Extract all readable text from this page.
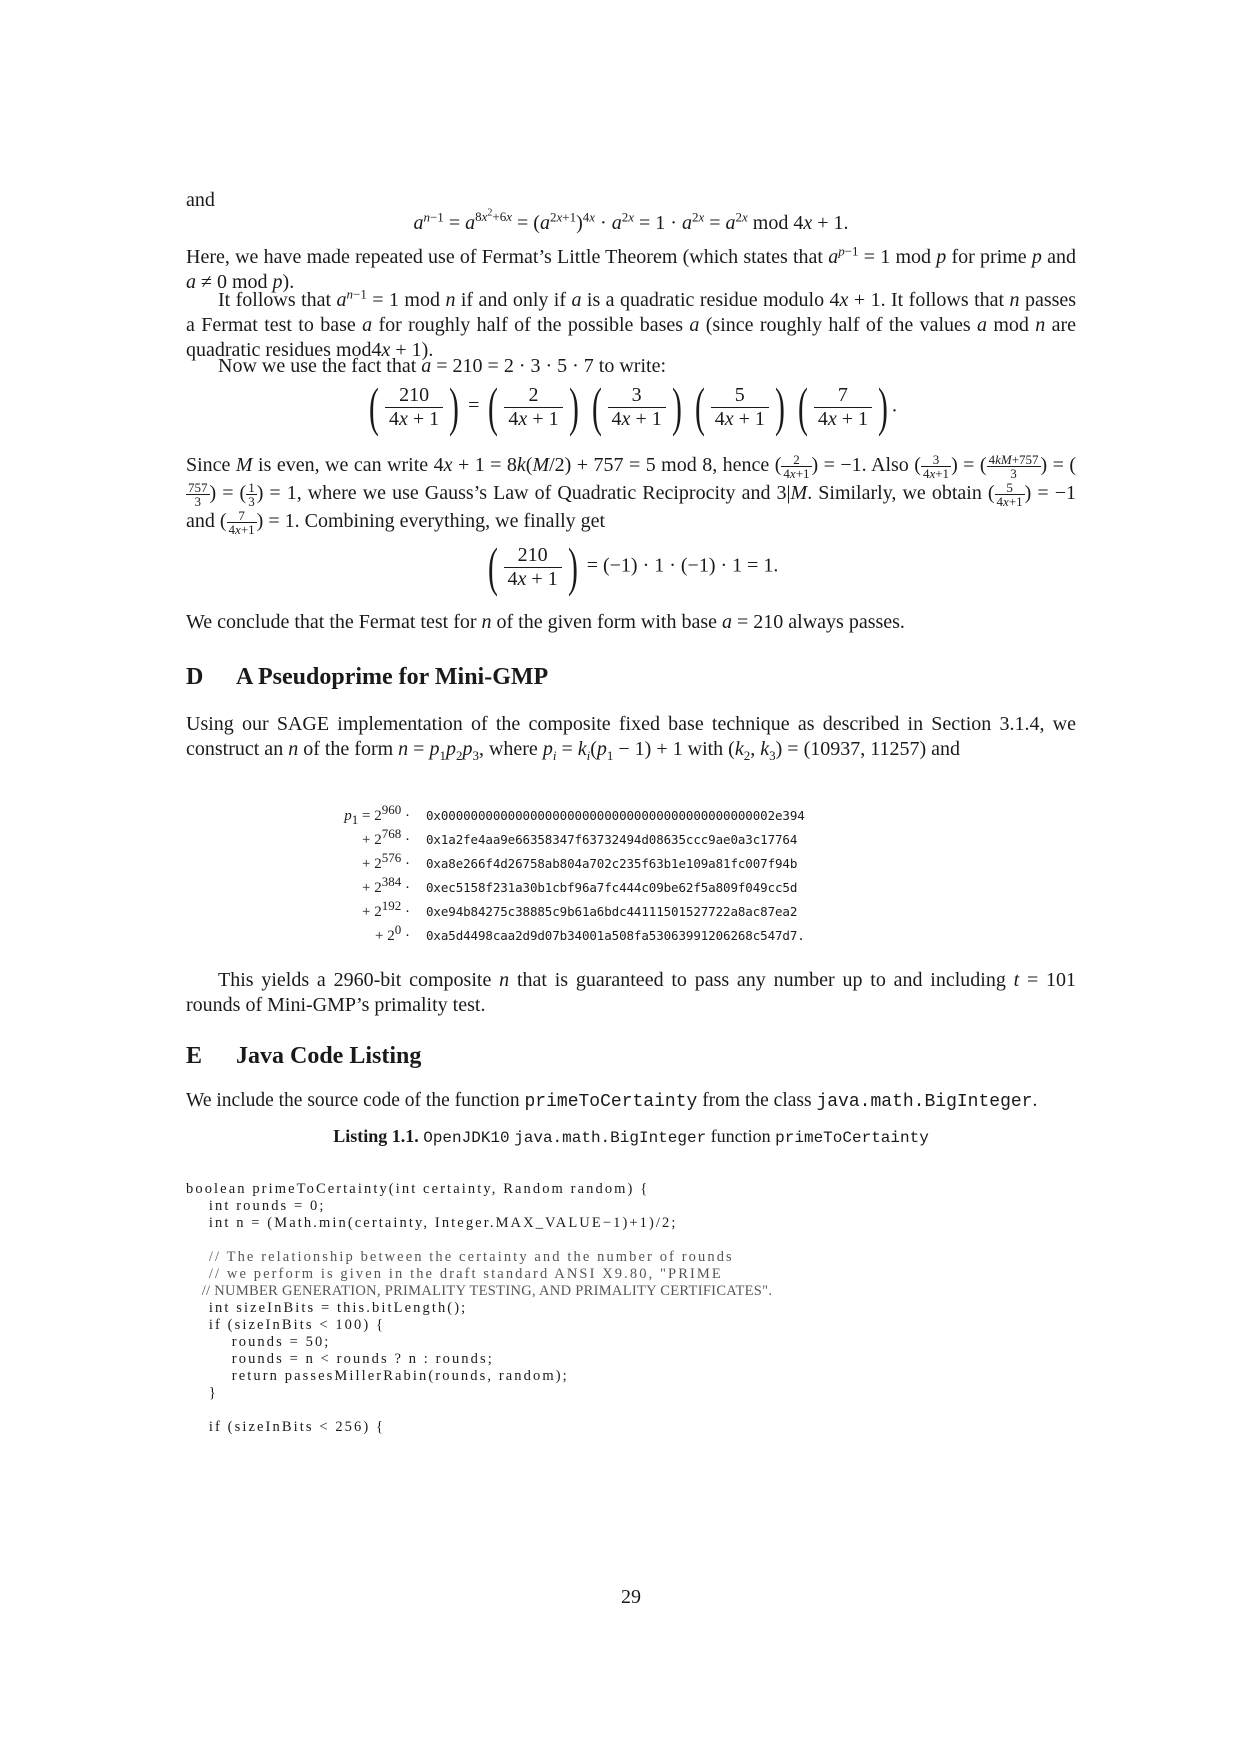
and

$a^{n-1} = a^{8x^2+6x} = (a^{2x+1})^{4x} \cdot a^{2x} = 1 \cdot a^{2x} = a^{2x}$ mod 4x + 1.

Here, we have made repeated use of Fermat’s Little Theorem (which states that $a^{p-1} = 1$ mod p for prime p and a ≠ 0 mod p).

It follows that $a^{n-1} = 1$ mod n if and only if a is a quadratic residue modulo 4x + 1. It follows that n passes a Fermat test to base a for roughly half of the possible bases a (since roughly half of the values a mod n are quadratic residues mod4x + 1).

Now we use the fact that a = 210 = 2 · 3 · 5 · 7 to write:

( $\frac{210}{4x + 1}$ ) = ( $\frac{2}{4x + 1}$ ) ( $\frac{3}{4x + 1}$ ) ( $\frac{5}{4x + 1}$ ) ( $\frac{7}{4x + 1}$ ) .

Since M is even, we can write 4x + 1 = 8k(M/2) + 757 = 5 mod 8, hence ( $\frac{2}{4x+1}$ ) = −1. Also ( $\frac{3}{4x+1}$ ) = ( $\frac{4kM+757}{3}$ ) = (
$\frac{757}{3}$ ) = ( $\frac{1}{3}$ ) = 1, where we use Gauss’s Law of Quadratic Reciprocity and 3|M. Similarly, we obtain ( $\frac{5}{4x+1}$ ) = −1 and ( $\frac{7}{4x+1}$ ) = 1. Combining everything, we finally get

( $\frac{210}{4x + 1}$ ) = (−1) · 1 · (−1) · 1 = 1.

We conclude that the Fermat test for n of the given form with base a = 210 always passes.

D A Pseudoprime for Mini-GMP

Using our SAGE implementation of the composite fixed base technique as described in Section 3.1.4, we construct an n of the form $n = p_1p_2p_3$, where $p_i = k_i(p_1 - 1) + 1$ with ($k_2$, $k_3) = (10937$, 11257) and

$p_1 = 2^{960} \cdot 0x000000000000000000000000000000000000000000002e394$
+ $2^{768} \cdot 0x1a2fe4aa9e66358347f63732494d08635ccc9ae0a3c17764$
+ $2^{576} \cdot 0xa8e266f4d26758ab804a702c235f63b1e109a81fc007f94b$
+ $2^{384} \cdot 0xec5158f231a30b1cbf96a7fc444c09be62f5a809f049cc5d$
+ $2^{192} \cdot 0xe94b84275c38885c9b61a6bdc44111501527722a8ac87ea2$
+ $2^0 \cdot 0xa5d4498caa2d9d07b34001a508fa53063991206268c547d7$.

This yields a 2960-bit composite n that is guaranteed to pass any number up to and including t = 101 rounds of Mini-GMP’s primality test.

E Java Code Listing

We include the source code of the function primeToCertainty from the class java.math.BigInteger.

Listing 1.1. OpenJDK10 java.math.BigInteger function primeToCertainty

boolean primeToCertainty(int certainty, Random random) {
int rounds = 0;
int n = (Math.min(certainty, Integer.MAX_VALUE−1)+1)/2;

// The relationship between the certainty and the number of rounds
// we perform is given in the draft standard ANSI X9.80, "PRIME
// NUMBER GENERATION, PRIMALITY TESTING, AND PRIMALITY CERTIFICATES".
int sizeInBits = this.bitLength();
if (sizeInBits < 100) {
rounds = 50;
rounds = n < rounds ? n : rounds;
return passesMillerRabin(rounds, random);
}

if (sizeInBits < 256) {

29
